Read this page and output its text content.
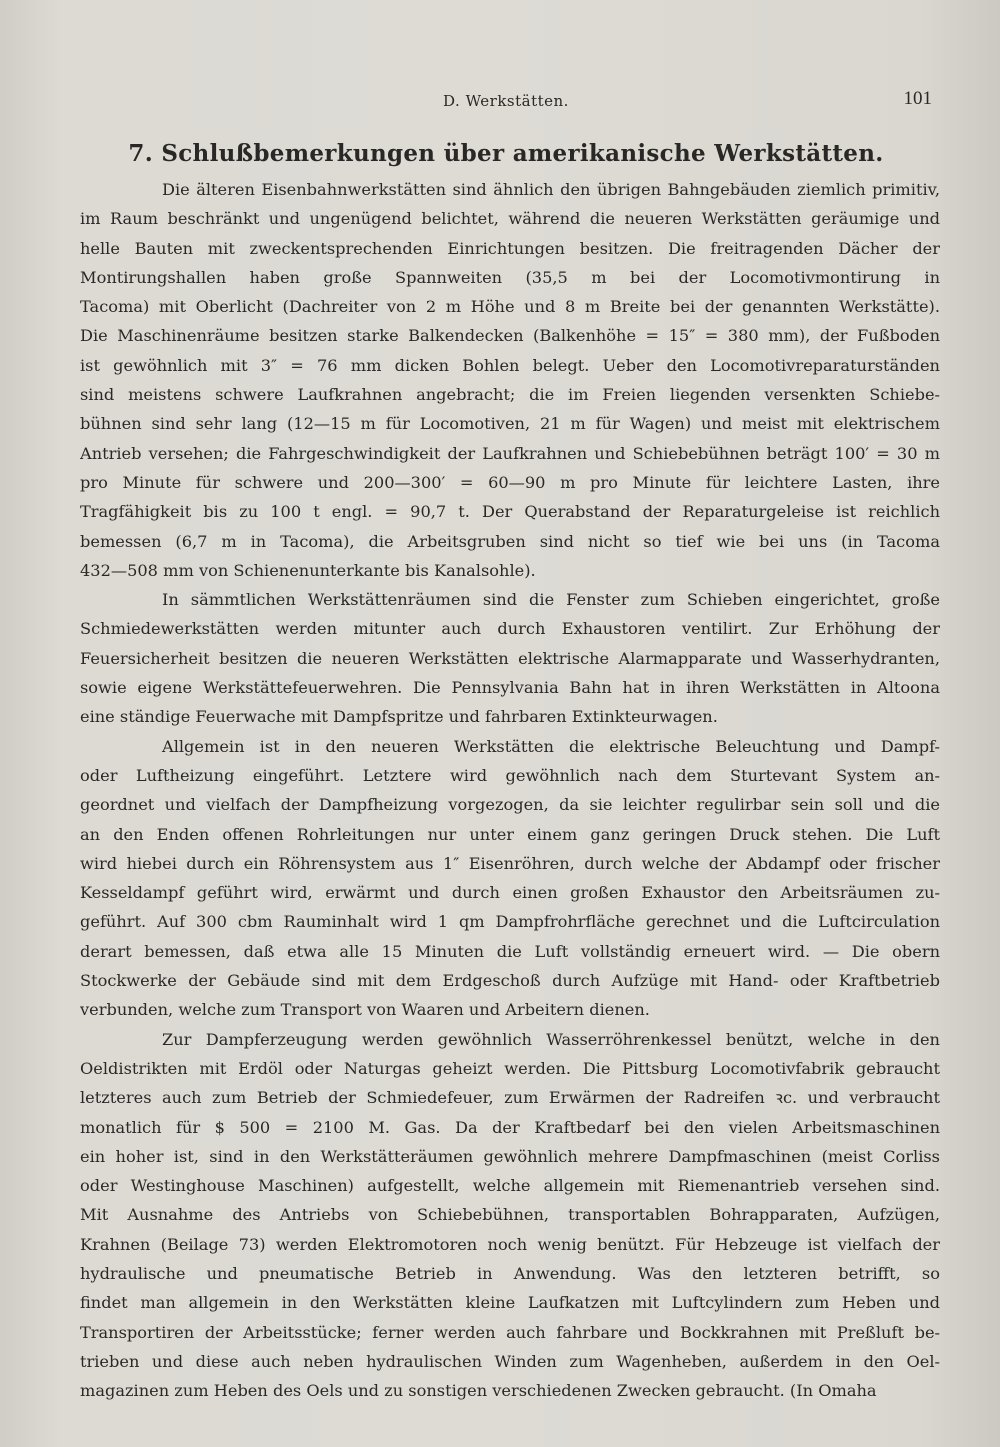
D. Werkstätten.	101
7. Schlußbemerkungen über amerikanische Werkstätten.
Die älteren Eisenbahnwerkstätten sind ähnlich den übrigen Bahngebäuden ziemlich primitiv,
im Raum beschränkt und ungenügend belichtet, während die neueren Werkstätten geräumige und
helle Bauten mit zweckentsprechenden Einrichtungen besitzen. Die freitragenden Dächer der
Montirungshallen haben große Spannweiten (35,5 m bei der Locomotivmontirung in
Tacoma) mit Oberlicht (Dachreiter von 2 m Höhe und 8 m Breite bei der genannten Werkstätte).
Die Maschinenräume besitzen starke Balkendecken (Balkenhöhe = 15″ = 380 mm), der Fußboden
ist gewöhnlich mit 3″ = 76 mm dicken Bohlen belegt. Ueber den Locomotivreparaturständen
sind meistens schwere Laufkrahnen angebracht; die im Freien liegenden versenkten Schiebe-
bühnen sind sehr lang (12—15 m für Locomotiven, 21 m für Wagen) und meist mit elektrischem
Antrieb versehen; die Fahrgeschwindigkeit der Laufkrahnen und Schiebebühnen beträgt 100′ = 30 m
pro Minute für schwere und 200—300′ = 60—90 m pro Minute für leichtere Lasten, ihre
Tragfähigkeit bis zu 100 t engl. = 90,7 t. Der Querabstand der Reparaturgeleise ist reichlich
bemessen (6,7 m in Tacoma), die Arbeitsgruben sind nicht so tief wie bei uns (in Tacoma
432—508 mm von Schienenunterkante bis Kanalsohle).
In sämmtlichen Werkstättenräumen sind die Fenster zum Schieben eingerichtet, große
Schmiedewerkstätten werden mitunter auch durch Exhaustoren ventilirt. Zur Erhöhung der
Feuersicherheit besitzen die neueren Werkstätten elektrische Alarmapparate und Wasserhydranten,
sowie eigene Werkstättefeuerwehren. Die Pennsylvania Bahn hat in ihren Werkstätten in Altoona
eine ständige Feuerwache mit Dampfspritze und fahrbaren Extinkteurwagen.
Allgemein ist in den neueren Werkstätten die elektrische Beleuchtung und Dampf-
oder Luftheizung eingeführt. Letztere wird gewöhnlich nach dem Sturtevant System an-
geordnet und vielfach der Dampfheizung vorgezogen, da sie leichter regulirbar sein soll und die
an den Enden offenen Rohrleitungen nur unter einem ganz geringen Druck stehen. Die Luft
wird hiebei durch ein Röhrensystem aus 1″ Eisenröhren, durch welche der Abdampf oder frischer
Kesseldampf geführt wird, erwärmt und durch einen großen Exhaustor den Arbeitsräumen zu-
geführt. Auf 300 cbm Rauminhalt wird 1 qm Dampfrohrfläche gerechnet und die Luftcirculation
derart bemessen, daß etwa alle 15 Minuten die Luft vollständig erneuert wird. — Die obern
Stockwerke der Gebäude sind mit dem Erdgeschoß durch Aufzüge mit Hand- oder Kraftbetrieb
verbunden, welche zum Transport von Waaren und Arbeitern dienen.
Zur Dampferzeugung werden gewöhnlich Wasserröhrenkessel benützt, welche in den
Oeldistrikten mit Erdöl oder Naturgas geheizt werden. Die Pittsburg Locomotivfabrik gebraucht
letzteres auch zum Betrieb der Schmiedefeuer, zum Erwärmen der Radreifen ꝛc. und verbraucht
monatlich für $ 500 = 2100 M. Gas. Da der Kraftbedarf bei den vielen Arbeitsmaschinen
ein hoher ist, sind in den Werkstätteräumen gewöhnlich mehrere Dampfmaschinen (meist Corliss
oder Westinghouse Maschinen) aufgestellt, welche allgemein mit Riemenantrieb versehen sind.
Mit Ausnahme des Antriebs von Schiebebühnen, transportablen Bohrapparaten, Aufzügen,
Krahnen (Beilage 73) werden Elektromotoren noch wenig benützt. Für Hebzeuge ist vielfach der
hydraulische und pneumatische Betrieb in Anwendung. Was den letzteren betrifft, so
findet man allgemein in den Werkstätten kleine Laufkatzen mit Luftcylindern zum Heben und
Transportiren der Arbeitsstücke; ferner werden auch fahrbare und Bockkrahnen mit Preßluft be-
trieben und diese auch neben hydraulischen Winden zum Wagenheben, außerdem in den Oel-
magazinen zum Heben des Oels und zu sonstigen verschiedenen Zwecken gebraucht. (In Omaha
